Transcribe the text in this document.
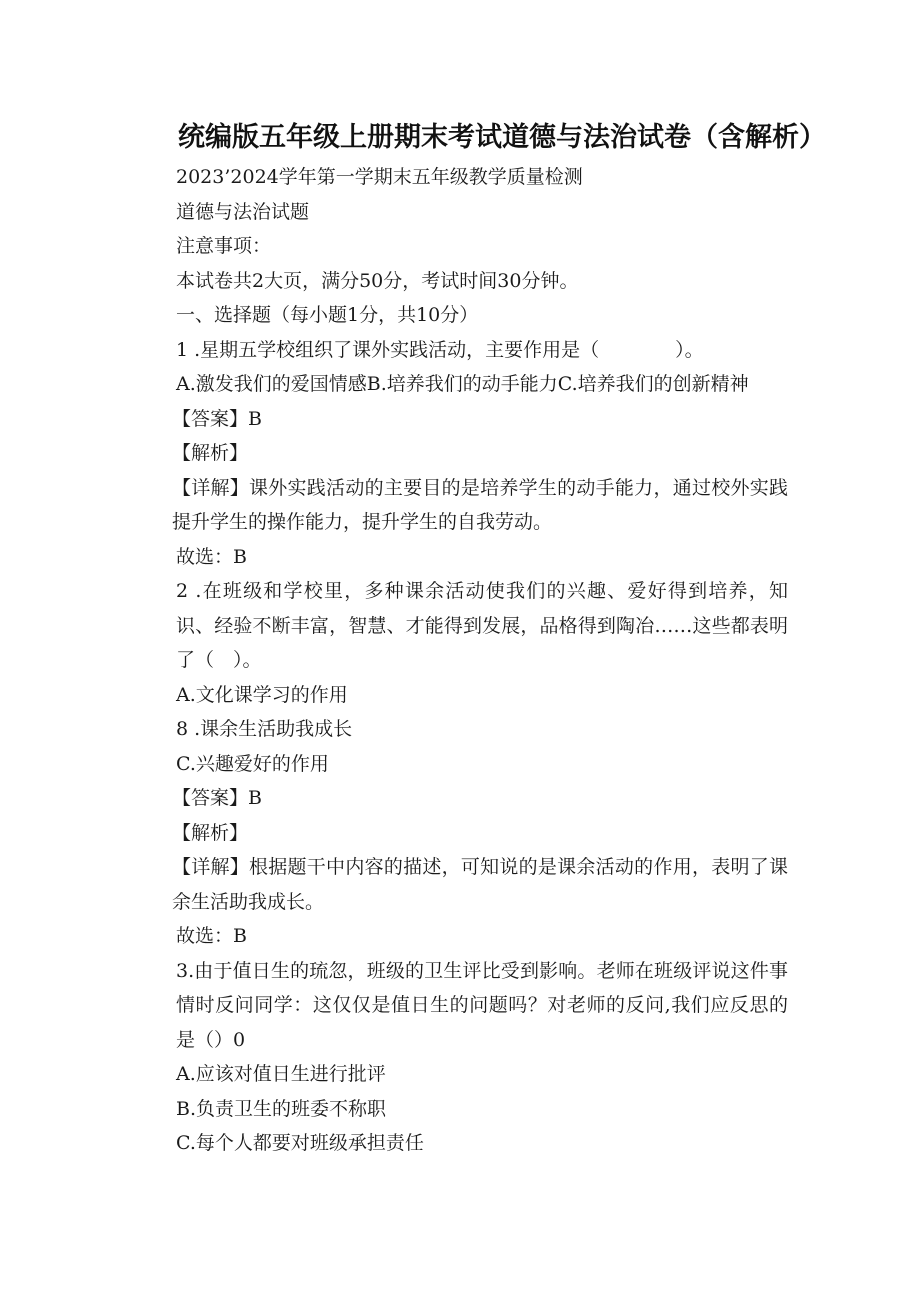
统编版五年级上册期末考试道德与法治试卷（含解析）
2023’2024学年第一学期末五年级教学质量检测
道德与法治试题
注意事项：
本试卷共2大页，满分50分，考试时间30分钟。
一、选择题（每小题1分，共10分）
1 .星期五学校组织了课外实践活动，主要作用是（　　　　）。
A.激发我们的爱国情感B.培养我们的动手能力C.培养我们的创新精神
【答案】B
【解析】
【详解】课外实践活动的主要目的是培养学生的动手能力，通过校外实践提升学生的操作能力，提升学生的自我劳动。
故选：B
2 .在班级和学校里，多种课余活动使我们的兴趣、爱好得到培养，知识、经验不断丰富，智慧、才能得到发展，品格得到陶冶……这些都表明了（　）。
A.文化课学习的作用
8 .课余生活助我成长
C.兴趣爱好的作用
【答案】B
【解析】
【详解】根据题干中内容的描述，可知说的是课余活动的作用，表明了课余生活助我成长。
故选：B
3.由于值日生的琉忽，班级的卫生评比受到影响。老师在班级评说这件事情时反问同学：这仅仅是值日生的问题吗？对老师的反问,我们应反思的是（）0
A.应该对值日生进行批评
B.负责卫生的班委不称职
C.每个人都要对班级承担责任
